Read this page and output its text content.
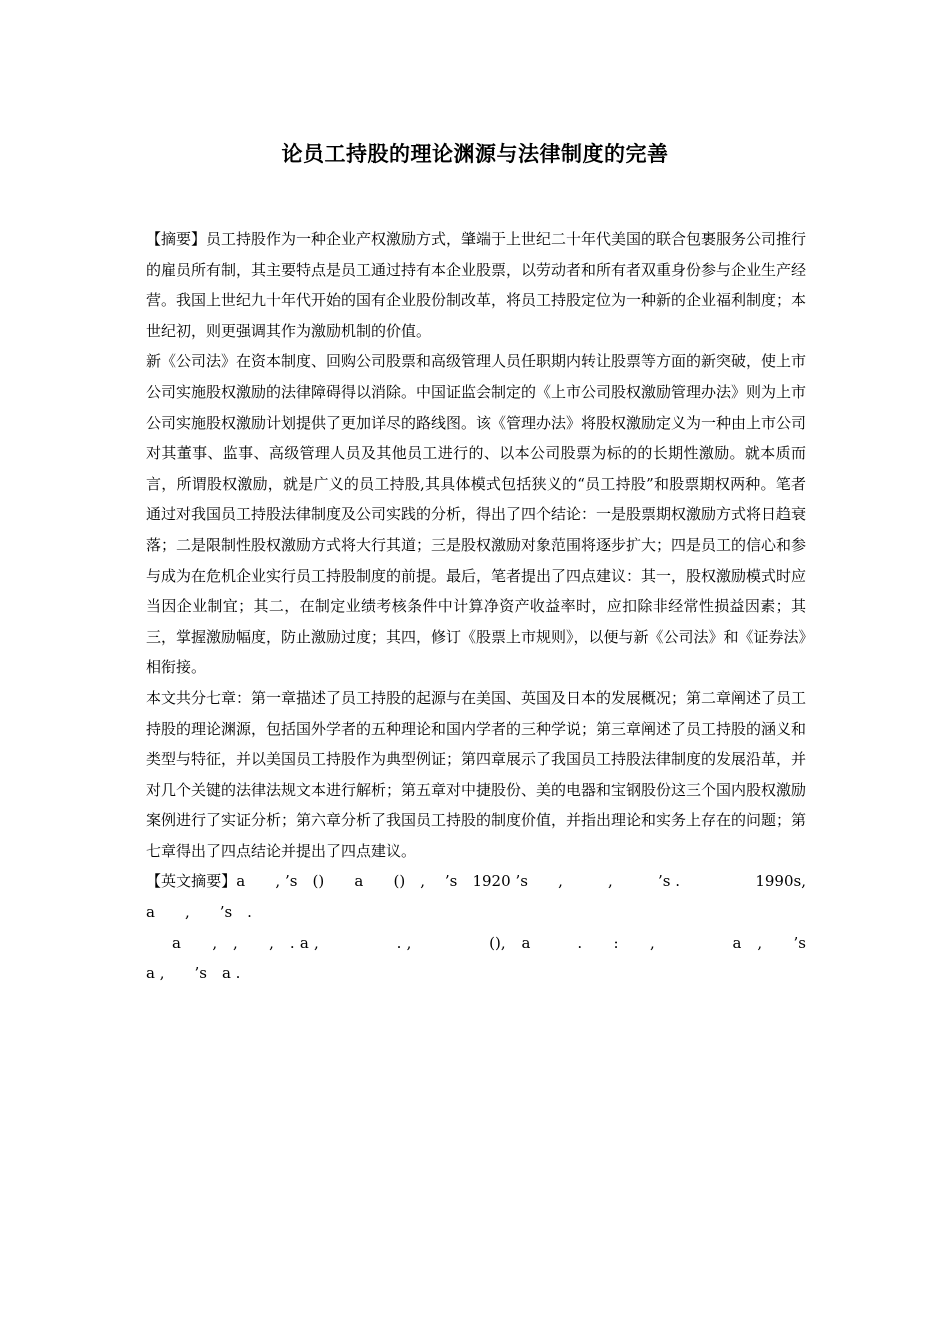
论员工持股的理论渊源与法律制度的完善

【摘要】员工持股作为一种企业产权激励方式，肇端于上世纪二十年代美国的联合包裹服务公司推行的雇员所有制，其主要特点是员工通过持有本企业股票，以劳动者和所有者双重身份参与企业生产经营。我国上世纪九十年代开始的国有企业股份制改革，将员工持股定位为一种新的企业福利制度；本世纪初，则更强调其作为激励机制的价值。

新《公司法》在资本制度、回购公司股票和高级管理人员任职期内转让股票等方面的新突破，使上市公司实施股权激励的法律障碍得以消除。中国证监会制定的《上市公司股权激励管理办法》则为上市公司实施股权激励计划提供了更加详尽的路线图。该《管理办法》将股权激励定义为一种由上市公司对其董事、监事、高级管理人员及其他员工进行的、以本公司股票为标的的长期性激励。就本质而言，所谓股权激励，就是广义的员工持股,其具体模式包括狭义的“员工持股”和股票期权两种。笔者通过对我国员工持股法律制度及公司实践的分析，得出了四个结论：一是股票期权激励方式将日趋衰落；二是限制性股权激励方式将大行其道；三是股权激励对象范围将逐步扩大；四是员工的信心和参与成为在危机企业实行员工持股制度的前提。最后，笔者提出了四点建议：其一，股权激励模式时应当因企业制宜；其二，在制定业绩考核条件中计算净资产收益率时，应扣除非经常性损益因素；其三，掌握激励幅度，防止激励过度；其四，修订《股票上市规则》，以便与新《公司法》和《证券法》相衔接。

本文共分七章：第一章描述了员工持股的起源与在美国、英国及日本的发展概况；第二章阐述了员工持股的理论渊源，包括国外学者的五种理论和国内学者的三种学说；第三章阐述了员工持股的涵义和类型与特征，并以美国员工持股作为典型例证；第四章展示了我国员工持股法律制度的发展沿革，并对几个关键的法律法规文本进行解析；第五章对中捷股份、美的电器和宝钢股份这三个国内股权激励案例进行了实证分析；第六章分析了我国员工持股的制度价值，并指出理论和实务上存在的问题；第七章得出了四点结论并提出了四点建议。

【英文摘要】a　　, ’s　()　　a　　()　, 　’s　1920 ’s　　,　　　,　　　’s .　　　　　1990s,　　a　　,　　’s　.

a　　,　,　　,　. a ,　　　　　. ,　　　　　(),　a　　　.　　:　　,　　　　　a　,　　’s　a ,　　’s　a .
